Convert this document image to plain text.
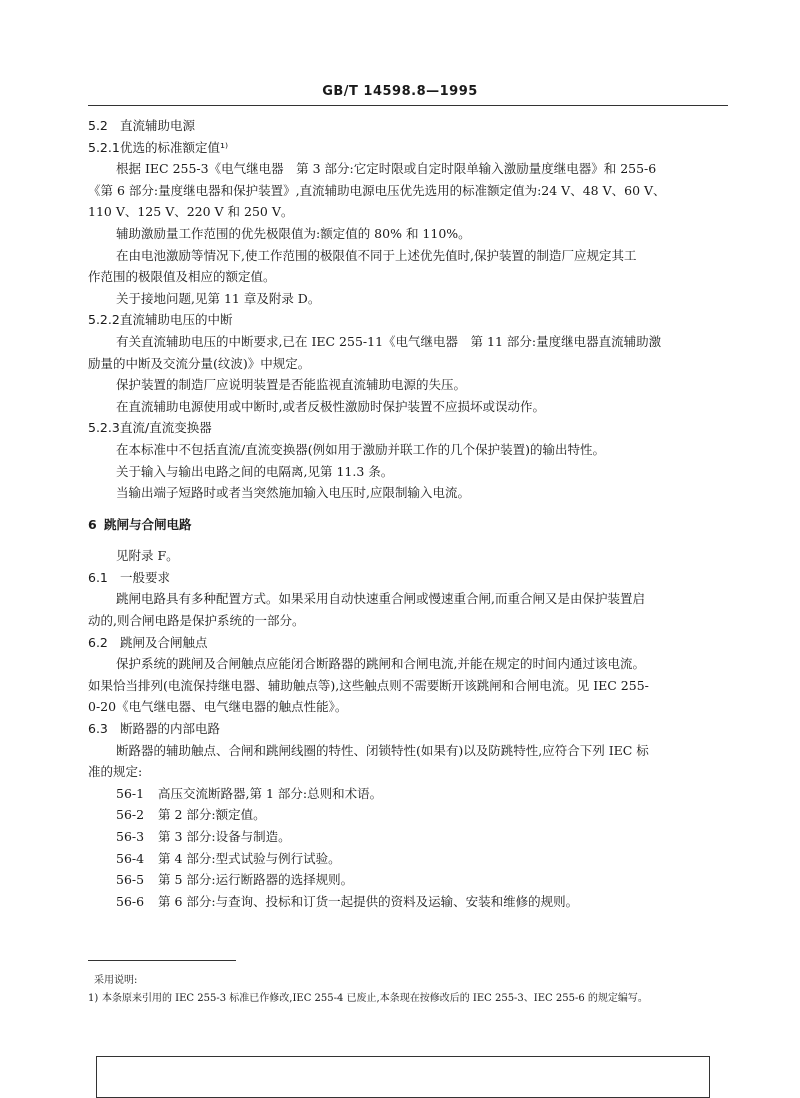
GB/T 14598.8—1995
5.2 直流辅助电源
5.2.1优选的标准额定值¹⁾
根据 IEC 255-3《电气继电器　第 3 部分:它定时限或自定时限单输入激励量度继电器》和 255-6
《第 6 部分:量度继电器和保护装置》,直流辅助电源电压优先选用的标准额定值为:24 V、48 V、60 V、
110 V、125 V、220 V 和 250 V。
辅助激励量工作范围的优先极限值为:额定值的 80% 和 110%。
在由电池激励等情况下,使工作范围的极限值不同于上述优先值时,保护装置的制造厂应规定其工
作范围的极限值及相应的额定值。
关于接地问题,见第 11 章及附录 D。
5.2.2直流辅助电压的中断
有关直流辅助电压的中断要求,已在 IEC 255-11《电气继电器　第 11 部分:量度继电器直流辅助激
励量的中断及交流分量(纹波)》中规定。
保护装置的制造厂应说明装置是否能监视直流辅助电源的失压。
在直流辅助电源使用或中断时,或者反极性激励时保护装置不应损坏或误动作。
5.2.3直流/直流变换器
在本标准中不包括直流/直流变换器(例如用于激励并联工作的几个保护装置)的输出特性。
关于输入与输出电路之间的电隔离,见第 11.3 条。
当输出端子短路时或者当突然施加输入电压时,应限制输入电流。
6 跳闸与合闸电路
见附录 F。
6.1 一般要求
跳闸电路具有多种配置方式。如果采用自动快速重合闸或慢速重合闸,而重合闸又是由保护装置启
动的,则合闸电路是保护系统的一部分。
6.2 跳闸及合闸触点
保护系统的跳闸及合闸触点应能闭合断路器的跳闸和合闸电流,并能在规定的时间内通过该电流。
如果恰当排列(电流保持继电器、辅助触点等),这些触点则不需要断开该跳闸和合闸电流。见 IEC 255-
0-20《电气继电器、电气继电器的触点性能》。
6.3 断路器的内部电路
断路器的辅助触点、合闸和跳闸线圈的特性、闭锁特性(如果有)以及防跳特性,应符合下列 IEC 标
准的规定:
56-1 高压交流断路器,第 1 部分:总则和术语。
56-2 第 2 部分:额定值。
56-3 第 3 部分:设备与制造。
56-4 第 4 部分:型式试验与例行试验。
56-5 第 5 部分:运行断路器的选择规则。
56-6 第 6 部分:与查询、投标和订货一起提供的资料及运输、安装和维修的规则。
采用说明:
1) 本条原来引用的 IEC 255-3 标准已作修改,IEC 255-4 已废止,本条现在按修改后的 IEC 255-3、IEC 255-6 的规定编写。
